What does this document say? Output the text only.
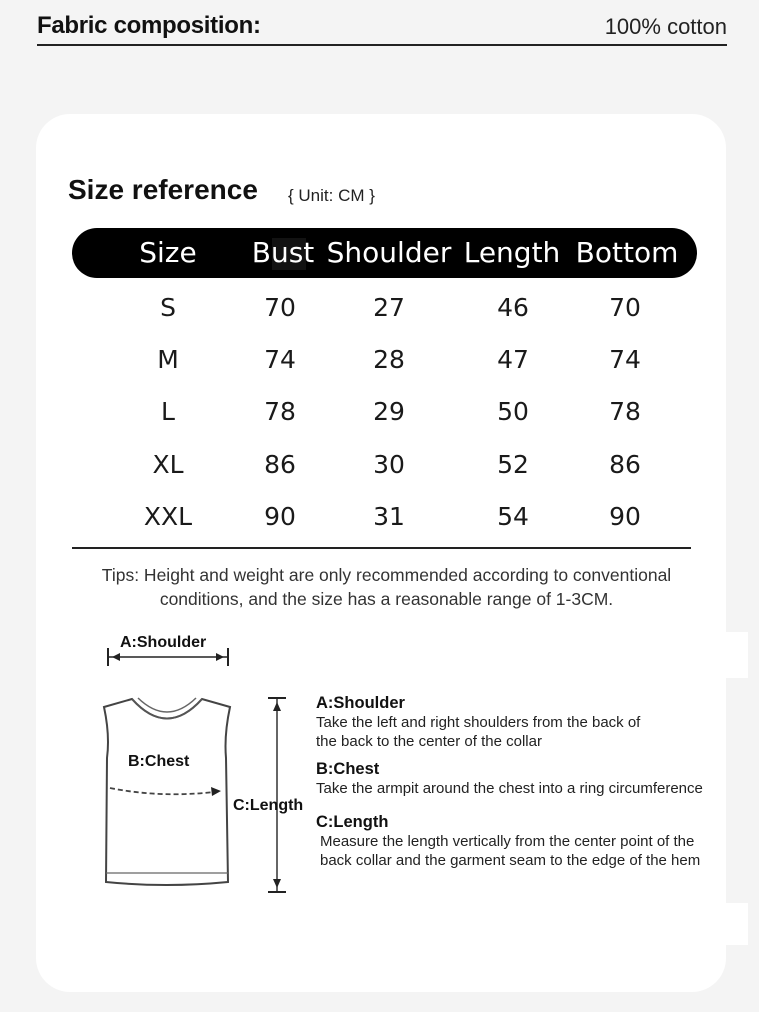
Fabric composition:	100% cotton
Size reference { Unit: CM }
Size Bust Shoulder Length Bottom
S	70	27	46	70
M	74	28	47	74
L	78	29	50	78
XL	86	30	52	86
XXL	90	31	54	90
Tips: Height and weight are only recommended according to conventional
conditions, and the size has a reasonable range of 1-3CM.
A:Shoulder
B:Chest
C:Length
A:Shoulder

Take the left and right shoulders from the back of

the back to the center of the collar

B:Chest

Take the armpit around the chest into a ring circumference

C:Length

Measure the length vertically from the center point of the

back collar and the garment seam to the edge of the hem
